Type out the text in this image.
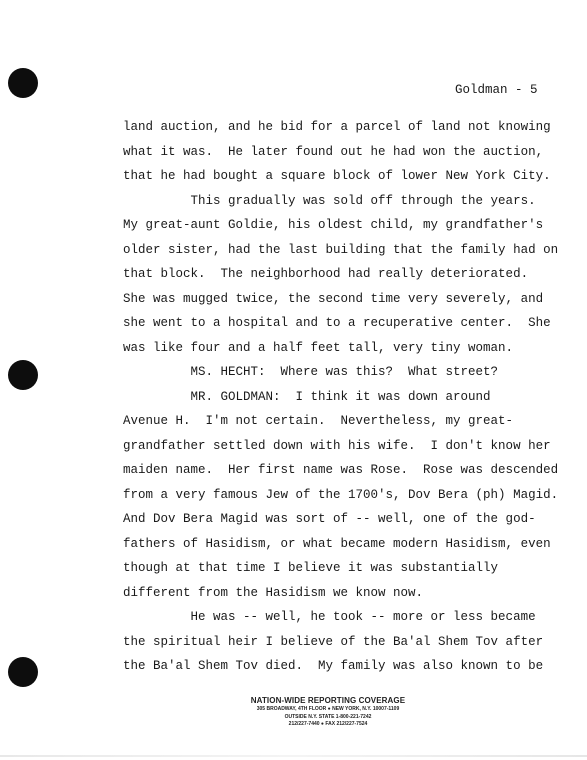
Goldman - 5
land auction, and he bid for a parcel of land not knowing
what it was.  He later found out he had won the auction,
that he had bought a square block of lower New York City.
This gradually was sold off through the years.
My great-aunt Goldie, his oldest child, my grandfather's
older sister, had the last building that the family had on
that block.  The neighborhood had really deteriorated.
She was mugged twice, the second time very severely, and
she went to a hospital and to a recuperative center.  She
was like four and a half feet tall, very tiny woman.
MS. HECHT:  Where was this?  What street?
MR. GOLDMAN:  I think it was down around
Avenue H.  I'm not certain.  Nevertheless, my great-
grandfather settled down with his wife.  I don't know her
maiden name.  Her first name was Rose.  Rose was descended
from a very famous Jew of the 1700's, Dov Bera (ph) Magid.
And Dov Bera Magid was sort of -- well, one of the god-
fathers of Hasidism, or what became modern Hasidism, even
though at that time I believe it was substantially
different from the Hasidism we know now.
He was -- well, he took -- more or less became
the spiritual heir I believe of the Ba'al Shem Tov after
the Ba'al Shem Tov died.  My family was also known to be
NATION-WIDE REPORTING COVERAGE
305 BROADWAY, 4TH FLOOR ● NEW YORK, N.Y. 10007-1109
OUTSIDE N.Y. STATE 1-800-221-7242
212/227-7440 ● FAX 212/227-7524
